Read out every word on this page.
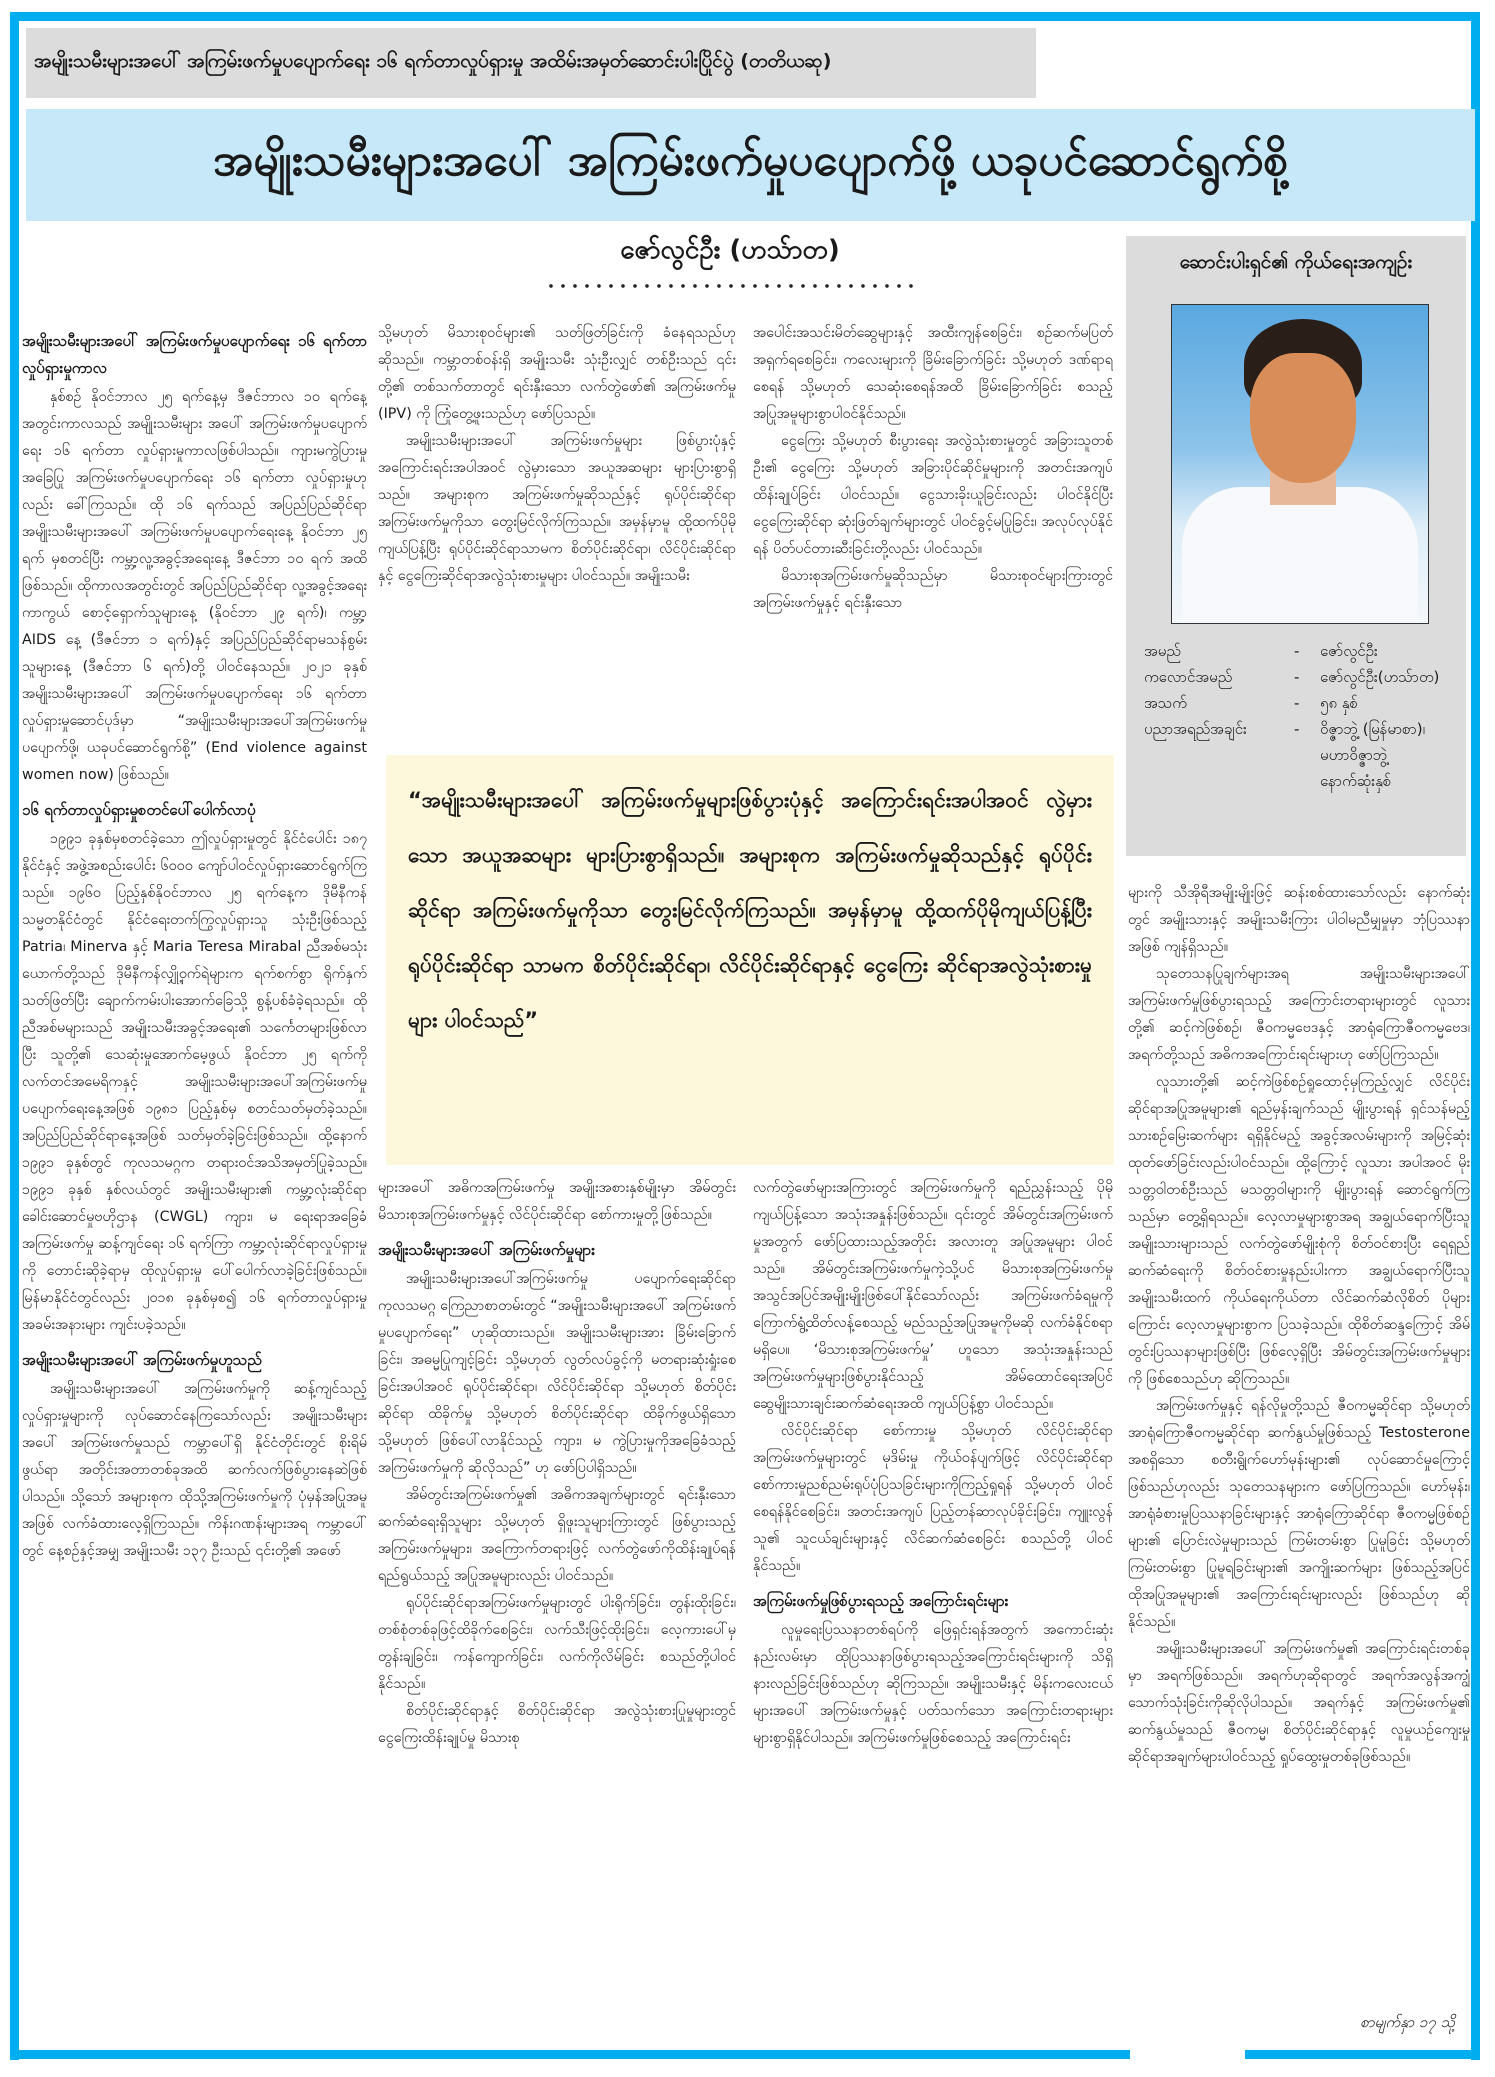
အမျိုးသမီးများအပေါ် အကြမ်းဖက်မှုပပျောက်ရေး ၁၆ ရက်တာလှုပ်ရှားမှု အထိမ်းအမှတ်ဆောင်းပါးပြိုင်ပွဲ (တတိယဆု)
အမျိုးသမီးများအပေါ် အကြမ်းဖက်မှုပပျောက်ဖို့ ယခုပင်ဆောင်ရွက်စို့
ဇော်လွင်ဦး (ဟသ်ာတ)
အမျိုးသမီးများအပေါ် အကြမ်းဖက်မှုပပျောက်ရေး ၁၆ ရက်တာ လှုပ်ရှားမှုကာလ

နှစ်စဉ် နိုဝင်ဘာလ ၂၅ ရက်နေ့မှ ဒီဇင်ဘာလ ၁၀ ရက်နေ့အတွင်းကာလသည် အမျိုးသမီးများ အပေါ် အကြမ်းဖက်မှုပပျောက်ရေး ၁၆ ရက်တာ လှုပ်ရှားမှုကာလဖြစ်ပါသည်။ ကျားမကွဲပြားမှု အခြေပြု အကြမ်းဖက်မှုပပျောက်ရေး ၁၆ ရက်တာ လှုပ်ရှားမှုဟုလည်း ခေါ်ကြသည်။ ထို ၁၆ ရက်သည် အပြည်ပြည်ဆိုင်ရာအမျိုးသမီးများအပေါ် အကြမ်းဖက်မှုပပျောက်ရေးနေ့ နိုဝင်ဘာ ၂၅ ရက် မှစတင်ပြီး ကမ္ဘာ့လူ့အခွင့်အရေးနေ့ ဒီဇင်ဘာ ၁၀ ရက် အထိဖြစ်သည်။ ထိုကာလအတွင်းတွင် အပြည်ပြည်ဆိုင်ရာ လူ့အခွင့်အရေးကာကွယ် စောင့်ရှောက်သူများနေ့ (နိုဝင်ဘာ ၂၉ ရက်)၊ ကမ္ဘာ့ AIDS နေ့ (ဒီဇင်ဘာ ၁ ရက်)နှင့် အပြည်ပြည်ဆိုင်ရာမသန်စွမ်းသူများနေ့ (ဒီဇင်ဘာ ၆ ရက်)တို့ ပါဝင်နေသည်။ ၂၀၂၁ ခုနှစ် အမျိုးသမီးများအပေါ် အကြမ်းဖက်မှုပပျောက်ရေး ၁၆ ရက်တာ လှုပ်ရှားမှုဆောင်ပုဒ်မှာ “အမျိုးသမီးများအပေါ်အကြမ်းဖက်မှု ပပျောက်ဖို့၊ ယခုပင်ဆောင်ရွက်စို့” (End violence against women now) ဖြစ်သည်။

၁၆ ရက်တာလှုပ်ရှားမှုစတင်ပေါ်ပေါက်လာပုံ

၁၉၉၁ ခုနှစ်မှစတင်ခဲ့သော ဤလှုပ်ရှားမှုတွင် နိုင်ငံပေါင်း ၁၈၇ နိုင်ငံနှင့် အဖွဲ့အစည်းပေါင်း ၆၀၀၀ ကျော်ပါဝင်လှုပ်ရှားဆောင်ရွက်ကြသည်။ ၁၉၆၀ ပြည့်နှစ်နိုဝင်ဘာလ ၂၅ ရက်နေ့က ဒိုမီနီကန်သမ္မတနိုင်ငံတွင် နိုင်ငံရေးတက်ကြွလှုပ်ရှားသူ သုံးဦးဖြစ်သည့် Patria၊ Minerva နှင့် Maria Teresa Mirabal ညီအစ်မသုံးယောက်တို့သည် ဒိုမီနီကန်လျှို့ဝှက်ရဲများက ရက်စက်စွာ ရိုက်နှက်သတ်ဖြတ်ပြီး ချောက်ကမ်းပါးအောက်ခြေသို့ စွန့်ပစ်ခံခဲ့ရသည်။ ထိုညီအစ်မများသည် အမျိုးသမီးအခွင့်အရေး၏ သင်္ကေတများဖြစ်လာပြီး သူတို့၏ သေဆုံးမှုအောက်မေ့ဖွယ် နိုဝင်ဘာ ၂၅ ရက်ကို လက်တင်အမေရိကနှင့် အမျိုးသမီးများအပေါ်အကြမ်းဖက်မှု ပပျောက်ရေးနေ့အဖြစ် ၁၉၈၁ ပြည့်နှစ်မှ စတင်သတ်မှတ်ခဲ့သည်။ အပြည်ပြည်ဆိုင်ရာနေ့အဖြစ် သတ်မှတ်ခဲ့ခြင်းဖြစ်သည်။ ထို့နောက် ၁၉၉၁ ခုနှစ်တွင် ကုလသမဂ္ဂက တရားဝင်အသိအမှတ်ပြုခဲ့သည်။ ၁၉၉၁ ခုနှစ် နှစ်လယ်တွင် အမျိုးသမီးများ၏ ကမ္ဘာ့လုံးဆိုင်ရာ ခေါင်းဆောင်မှုဗဟိုဌာန (CWGL) ကျား၊ မ ရေးရာအခြေခံ အကြမ်းဖက်မှု ဆန့်ကျင်ရေး ၁၆ ရက်ကြာ ကမ္ဘာ့လုံးဆိုင်ရာလှုပ်ရှားမှုကို တောင်းဆိုခဲ့ရာမှ ထိုလှုပ်ရှားမှု ပေါ်ပေါက်လာခဲ့ခြင်းဖြစ်သည်။ မြန်မာနိုင်ငံတွင်လည်း ၂၀၁၈ ခုနှစ်မှစ၍ ၁၆ ရက်တာလှုပ်ရှားမှုအခမ်းအနားများ ကျင်းပခဲ့သည်။

အမျိုးသမီးများအပေါ် အကြမ်းဖက်မှုဟူသည်

အမျိုးသမီးများအပေါ် အကြမ်းဖက်မှုကို ဆန့်ကျင်သည့် လှုပ်ရှားမှုများကို လုပ်ဆောင်နေကြသော်လည်း အမျိုးသမီးများအပေါ် အကြမ်းဖက်မှုသည် ကမ္ဘာပေါ်ရှိ နိုင်ငံတိုင်းတွင် စိုးရိမ်ဖွယ်ရာ အတိုင်းအတာတစ်ခုအထိ ဆက်လက်ဖြစ်ပွားနေဆဲဖြစ်ပါသည်။ သို့သော် အများစုက ထိုသို့အကြမ်းဖက်မှုကို ပုံမှန်အပြုအမူအဖြစ် လက်ခံထားလေ့ရှိကြသည်။ ကိန်းဂဏန်းများအရ ကမ္ဘာပေါ်တွင် နေ့စဉ်နှင့်အမျှ အမျိုးသမီး ၁၃၇ ဦးသည် ၎င်းတို့၏ အဖော်

သို့မဟုတ် မိသားစုဝင်များ၏ သတ်ဖြတ်ခြင်းကို ခံနေရသည်ဟု ဆိုသည်။ ကမ္ဘာတစ်ဝန်းရှိ အမျိုးသမီး သုံးဦးလျှင် တစ်ဦးသည် ၎င်းတို့၏ တစ်သက်တာတွင် ရင်းနှီးသော လက်တွဲဖော်၏ အကြမ်းဖက်မှု (IPV) ကို ကြုံတွေ့ဖူးသည်ဟု ဖော်ပြသည်။

အမျိုးသမီးများအပေါ် အကြမ်းဖက်မှုများ ဖြစ်ပွားပုံနှင့် အကြောင်းရင်းအပါအဝင် လွဲမှားသော အယူအဆများ များပြားစွာရှိသည်။ အများစုက အကြမ်းဖက်မှုဆိုသည်နှင့် ရုပ်ပိုင်းဆိုင်ရာ အကြမ်းဖက်မှုကိုသာ တွေးမြင်လိုက်ကြသည်။ အမှန်မှာမူ ထို့ထက်ပိုမိုကျယ်ပြန့်ပြီး ရုပ်ပိုင်းဆိုင်ရာသာမက စိတ်ပိုင်းဆိုင်ရာ၊ လိင်ပိုင်းဆိုင်ရာနှင့် ငွေကြေးဆိုင်ရာအလွဲသုံးစားမှုများ ပါဝင်သည်။ အမျိုးသမီး

အပေါင်းအသင်းမိတ်ဆွေများနှင့် အထီးကျန်စေခြင်း၊ စဉ်ဆက်မပြတ် အရှက်ရစေခြင်း၊ ကလေးများကို ခြိမ်းခြောက်ခြင်း သို့မဟုတ် ဒဏ်ရာရစေရန် သို့မဟုတ် သေဆုံးစေရန်အထိ ခြိမ်းခြောက်ခြင်း စသည့် အပြုအမူများစွာပါဝင်နိုင်သည်။

ငွေကြေး သို့မဟုတ် စီးပွားရေး အလွဲသုံးစားမှုတွင် အခြားသူတစ်ဦး၏ ငွေကြေး သို့မဟုတ် အခြားပိုင်ဆိုင်မှုများကို အတင်းအကျပ်ထိန်းချုပ်ခြင်း ပါဝင်သည်။ ငွေသားခိုးယူခြင်းလည်း ပါဝင်နိုင်ပြီး ငွေကြေးဆိုင်ရာ ဆုံးဖြတ်ချက်များတွင် ပါဝင်ခွင့်မပြုခြင်း၊ အလုပ်လုပ်နိုင်ရန် ပိတ်ပင်တားဆီးခြင်းတို့လည်း ပါဝင်သည်။

မိသားစုအကြမ်းဖက်မှုဆိုသည်မှာ မိသားစုဝင်များကြားတွင် အကြမ်းဖက်မှုနှင့် ရင်းနှီးသော

“အမျိုးသမီးများအပေါ် အကြမ်းဖက်မှုများဖြစ်ပွားပုံနှင့် အကြောင်းရင်းအပါအဝင် လွဲမှားသော အယူအဆများ များပြားစွာရှိသည်။ အများစုက အကြမ်းဖက်မှုဆိုသည်နှင့် ရုပ်ပိုင်းဆိုင်ရာ အကြမ်းဖက်မှုကိုသာ တွေးမြင်လိုက်ကြသည်။ အမှန်မှာမူ ထို့ထက်ပိုမိုကျယ်ပြန့်ပြီး ရုပ်ပိုင်းဆိုင်ရာ သာမက စိတ်ပိုင်းဆိုင်ရာ၊ လိင်ပိုင်းဆိုင်ရာနှင့် ငွေကြေး ဆိုင်ရာအလွဲသုံးစားမှုများ ပါဝင်သည်”

များအပေါ် အဓိကအကြမ်းဖက်မှု အမျိုးအစားနှစ်မျိုးမှာ အိမ်တွင်းမိသားစုအကြမ်းဖက်မှုနှင့် လိင်ပိုင်းဆိုင်ရာ စော်ကားမှုတို့ဖြစ်သည်။

အမျိုးသမီးများအပေါ် အကြမ်းဖက်မှုများ

အမျိုးသမီးများအပေါ်အကြမ်းဖက်မှု ပပျောက်ရေးဆိုင်ရာ ကုလသမဂ္ဂ ကြေညာစာတမ်းတွင် “အမျိုးသမီးများအပေါ် အကြမ်းဖက်မှုပပျောက်ရေး” ဟုဆိုထားသည်။ အမျိုးသမီးများအား ခြိမ်းခြောက်ခြင်း၊ အဓမ္မပြုကျင့်ခြင်း သို့မဟုတ် လွတ်လပ်ခွင့်ကို မတရားဆုံးရှုံးစေခြင်းအပါအဝင် ရုပ်ပိုင်းဆိုင်ရာ၊ လိင်ပိုင်းဆိုင်ရာ သို့မဟုတ် စိတ်ပိုင်းဆိုင်ရာ ထိခိုက်မှု သို့မဟုတ် စိတ်ပိုင်းဆိုင်ရာ ထိခိုက်ဖွယ်ရှိသော သို့မဟုတ် ဖြစ်ပေါ်လာနိုင်သည့် ကျား၊ မ ကွဲပြားမှုကိုအခြေခံသည့်အကြမ်းဖက်မှုကို ဆိုလိုသည်” ဟု ဖော်ပြပါရှိသည်။

အိမ်တွင်းအကြမ်းဖက်မှု၏ အဓိကအချက်များတွင် ရင်းနှီးသောဆက်ဆံရေးရှိသူများ သို့မဟုတ် ရှိဖူးသူများကြားတွင် ဖြစ်ပွားသည့် အကြမ်းဖက်မှုများ၊ အကြောက်တရားဖြင့် လက်တွဲဖော်ကိုထိန်းချုပ်ရန် ရည်ရွယ်သည့် အပြုအမူများလည်း ပါဝင်သည်။

ရုပ်ပိုင်းဆိုင်ရာအကြမ်းဖက်မှုများတွင် ပါးရိုက်ခြင်း၊ တွန်းထိုးခြင်း၊ တစ်စုံတစ်ခုဖြင့်ထိခိုက်စေခြင်း၊ လက်သီးဖြင့်ထိုးခြင်း၊ လေ့ကားပေါ်မှတွန်းချခြင်း၊ ကန်ကျောက်ခြင်း၊ လက်ကိုလိမ်ခြင်း စသည်တို့ပါဝင်နိုင်သည်။

စိတ်ပိုင်းဆိုင်ရာနှင့် စိတ်ပိုင်းဆိုင်ရာ အလွဲသုံးစားပြုမှုများတွင် ငွေကြေးထိန်းချုပ်မှု မိသားစု

လက်တွဲဖော်များအကြားတွင် အကြမ်းဖက်မှုကို ရည်ညွှန်းသည့် ပိုမိုကျယ်ပြန့်သော အသုံးအနှုန်းဖြစ်သည်။ ၎င်းတွင် အိမ်တွင်းအကြမ်းဖက်မှုအတွက် ဖော်ပြထားသည့်အတိုင်း အလားတူ အပြုအမူများ ပါဝင်သည်။ အိမ်တွင်းအကြမ်းဖက်မှုကဲ့သို့ပင် မိသားစုအကြမ်းဖက်မှု အသွင်အပြင်အမျိုးမျိုးဖြစ်ပေါ်နိုင်သော်လည်း အကြမ်းဖက်ခံရမှုကို ကြောက်ရွံ့ထိတ်လန့်စေသည့် မည်သည့်အပြုအမူကိုမဆို လက်ခံနိုင်စရာမရှိပေ။ ‘မိသားစုအကြမ်းဖက်မှု’ ဟူသော အသုံးအနှုန်းသည် အကြမ်းဖက်မှုများဖြစ်ပွားနိုင်သည့် အိမ်ထောင်ရေးအပြင် ဆွေမျိုးသားချင်းဆက်ဆံရေးအထိ ကျယ်ပြန့်စွာ ပါဝင်သည်။

လိင်ပိုင်းဆိုင်ရာ စော်ကားမှု သို့မဟုတ် လိင်ပိုင်းဆိုင်ရာအကြမ်းဖက်မှုများတွင် မုဒိမ်းမှု ကိုယ်ဝန်ပျက်ဖြင့် လိင်ပိုင်းဆိုင်ရာစော်ကားမှုညစ်ညမ်းရုပ်ပုံပြသခြင်းများကိုကြည့်ရှုရန် သို့မဟုတ် ပါဝင်စေရန်နိုင်စေခြင်း၊ အတင်းအကျပ် ပြည့်တန်ဆာလုပ်ခိုင်းခြင်း၊ ကျူးလွန်သူ၏ သူငယ်ချင်းများနှင့် လိင်ဆက်ဆံစေခြင်း စသည်တို့ ပါဝင်နိုင်သည်။

အကြမ်းဖက်မှုဖြစ်ပွားရသည့် အကြောင်းရင်းများ

လူမှုရေးပြဿနာတစ်ရပ်ကို ဖြေရှင်းရန်အတွက် အကောင်းဆုံးနည်းလမ်းမှာ ထိုပြဿနာဖြစ်ပွားရသည့်အကြောင်းရင်းများကို သိရှိနားလည်ခြင်းဖြစ်သည်ဟု ဆိုကြသည်။ အမျိုးသမီးနှင့် မိန်းကလေးငယ်များအပေါ် အကြမ်းဖက်မှုနှင့် ပတ်သက်သော အကြောင်းတရားများ များစွာရှိနိုင်ပါသည်။ အကြမ်းဖက်မှုဖြစ်စေသည့် အကြောင်းရင်း

ဆောင်းပါးရှင်၏ ကိုယ်ရေးအကျဉ်း
အမည်	-	ဇော်လွင်ဦး
ကလောင်အမည်	-	ဇော်လွင်ဦး(ဟသ်ာတ)
အသက်	-	၅၈ နှစ်
ပညာအရည်အချင်း	-	ဝိဇ္ဇာဘွဲ့ (မြန်မာစာ)၊
မဟာဝိဇ္ဇာဘွဲ့
နောက်ဆုံးနှစ်

များကို သီအိုရီအမျိုးမျိုးဖြင့် ဆန်းစစ်ထားသော်လည်း နောက်ဆုံးတွင် အမျိုးသားနှင့် အမျိုးသမီးကြား ပါဝါမညီမျှမှုမှာ ဘုံပြဿနာအဖြစ် ကျန်ရှိသည်။

သုတေသနပြုချက်များအရ အမျိုးသမီးများအပေါ် အကြမ်းဖက်မှုဖြစ်ပွားရသည့် အကြောင်းတရားများတွင် လူသားတို့၏ ဆင့်ကဲဖြစ်စဉ်၊ ဇီဝကမ္မဗေဒနှင့် အာရုံကြောဇီဝကမ္မဗေဒ၊ အရက်တို့သည် အဓိကအကြောင်းရင်းများဟု ဖော်ပြကြသည်။

လူသားတို့၏ ဆင့်ကဲဖြစ်စဉ်ရှုထောင့်မှကြည့်လျှင် လိင်ပိုင်းဆိုင်ရာအပြုအမူများ၏ ရည်မှန်းချက်သည် မျိုးပွားရန် ရှင်သန်မည့် သားစဉ်မြေးဆက်များ ရရှိနိုင်မည့် အခွင့်အလမ်းများကို အမြင့်ဆုံး ထုတ်ဖော်ခြင်းလည်းပါဝင်သည်။ ထို့ကြောင့် လူသား အပါအဝင် မိုးသတ္တဝါတစ်ဦးသည် မသတ္တဝါများကို မျိုးပွားရန် ဆောင်ရွက်ကြသည်မှာ တွေ့ရှိရသည်။ လေ့လာမှုများစွာအရ အချွယ်ရောက်ပြီးသူ အမျိုးသားများသည် လက်တွဲဖော်မျိုးစုံကို စိတ်ဝင်စားပြီး ရေရှည်ဆက်ဆံရေးကို စိတ်ဝင်စားမှုနည်းပါးကာ အချွယ်ရောက်ပြီးသူ အမျိုးသမီးထက် ကိုယ်ရေးကိုယ်တာ လိင်ဆက်ဆံလိုစိတ် ပိုများကြောင်း လေ့လာမှုများစွာက ပြသခဲ့သည်။ ထိုစိတ်ဆန္ဒကြောင့် အိမ်တွင်းပြဿနာများဖြစ်ပြီး ဖြစ်လေ့ရှိပြီး အိမ်တွင်းအကြမ်းဖက်မှုများကို ဖြစ်စေသည်ဟု ဆိုကြသည်။

အကြမ်းဖက်မှုနှင့် ရန်လိုမှုတို့သည် ဇီဝကမ္မဆိုင်ရာ သို့မဟုတ် အာရုံကြောဇီဝကမ္မဆိုင်ရာ ဆက်နွယ်မှုဖြစ်သည့် Testosterone အစရှိသော စတီးရွိုက်ဟော်မုန်းများ၏ လုပ်ဆောင်မှုကြောင့် ဖြစ်သည်ဟုလည်း သုတေသနများက ဖော်ပြကြသည်။ ဟော်မုန်း၊ အာရုံခံစားမှုပြဿနာခြင်းများနှင့် အာရုံကြောဆိုင်ရာ ဇီဝကမ္မဖြစ်စဉ်များ၏ ပြောင်းလဲမှုများသည် ကြမ်းတမ်းစွာ ပြုမူခြင်း သို့မဟုတ် ကြမ်းတမ်းစွာ ပြုမူရခြင်းများ၏ အကျိုးဆက်များ ဖြစ်သည့်အပြင် ထိုအပြုအမူများ၏ အကြောင်းရင်းများလည်း ဖြစ်သည်ဟု ဆိုနိုင်သည်။

အမျိုးသမီးများအပေါ် အကြမ်းဖက်မှု၏ အကြောင်းရင်းတစ်ခုမှာ အရက်ဖြစ်သည်။ အရက်ဟုဆိုရာတွင် အရက်အလွန်အကျွံသောက်သုံးခြင်းကိုဆိုလိုပါသည်။ အရက်နှင့် အကြမ်းဖက်မှု၏ ဆက်နွယ်မှုသည် ဇီဝကမ္မ၊ စိတ်ပိုင်းဆိုင်ရာနှင့် လူမှုယဉ်ကျေးမှုဆိုင်ရာအချက်များပါဝင်သည့် ရှုပ်ထွေးမှုတစ်ခုဖြစ်သည်။

စာမျက်နှာ ၁၇ သို့
